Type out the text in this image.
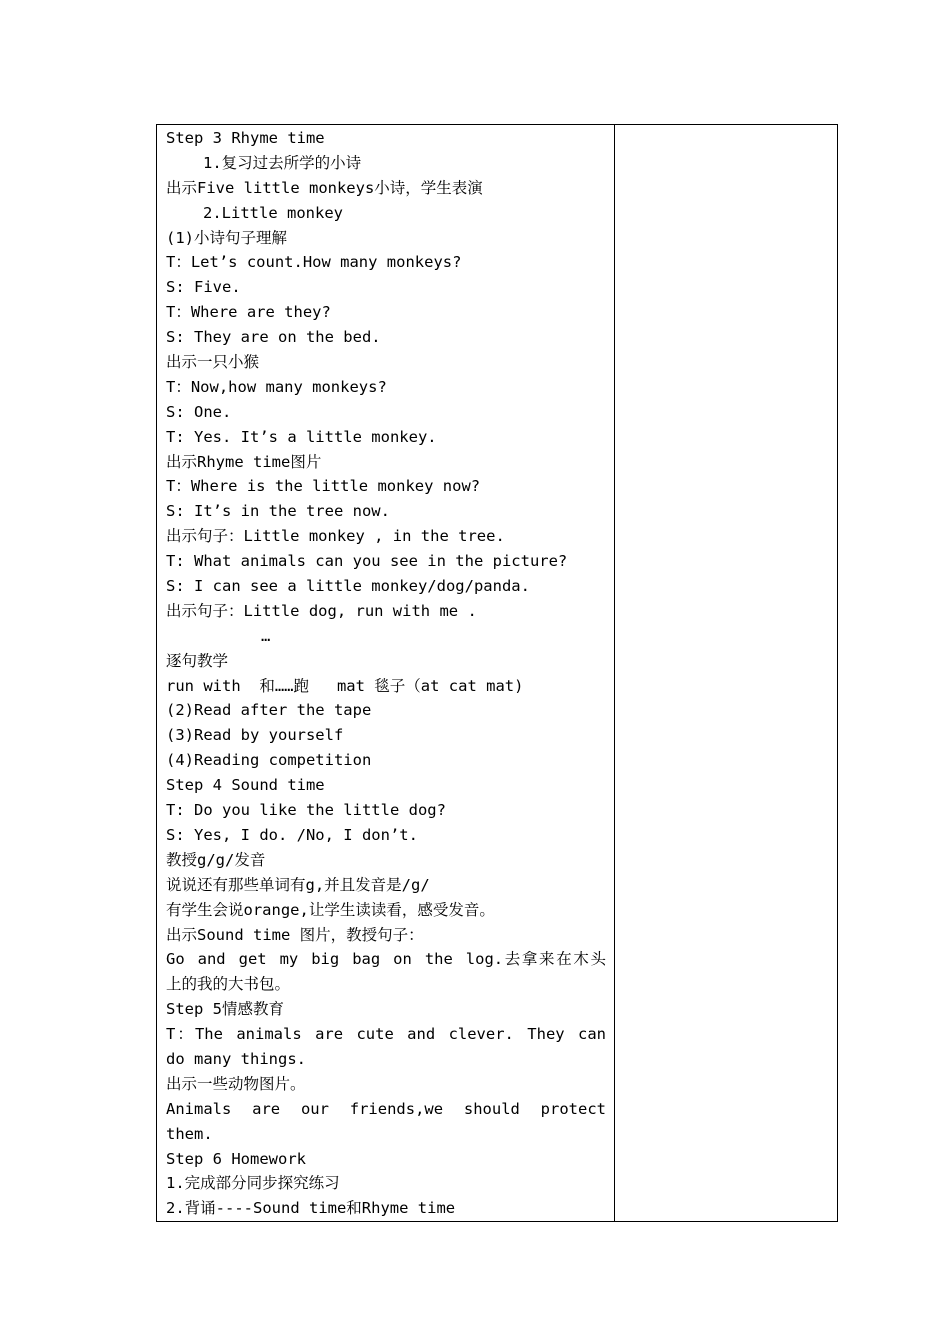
Step 3 Rhyme time
1.复习过去所学的小诗
出示Five little monkeys小诗，学生表演
2.Little monkey
(1)小诗句子理解
T：Let’s count.How many monkeys?
S: Five.
T：Where are they?
S: They are on the bed.
出示一只小猴
T：Now,how many monkeys?
S: One.
T: Yes. It’s a little monkey.
出示Rhyme time图片
T：Where is the little monkey now?
S: It’s in the tree now.
出示句子：Little monkey , in the tree.
T: What animals can you see in the picture?
S: I can see a little monkey/dog/panda.
出示句子：Little dog, run with me .
…
逐句教学
run with  和……跑   mat 毯子（at cat mat)
(2)Read after the tape
(3)Read by yourself
(4)Reading competition
Step 4 Sound time
T: Do you like the little dog?
S: Yes, I do. /No, I don’t.
教授g/g/发音
说说还有那些单词有g,并且发音是/g/
有学生会说orange,让学生读读看，感受发音。
出示Sound time 图片，教授句子：
Go and get my big bag on the log.去拿来在木头
上的我的大书包。
Step 5情感教育
T：The animals are cute and clever. They can
do many things.
出示一些动物图片。
Animals are our friends,we should protect
them.
Step 6 Homework
1.完成部分同步探究练习
2.背诵----Sound time和Rhyme time
